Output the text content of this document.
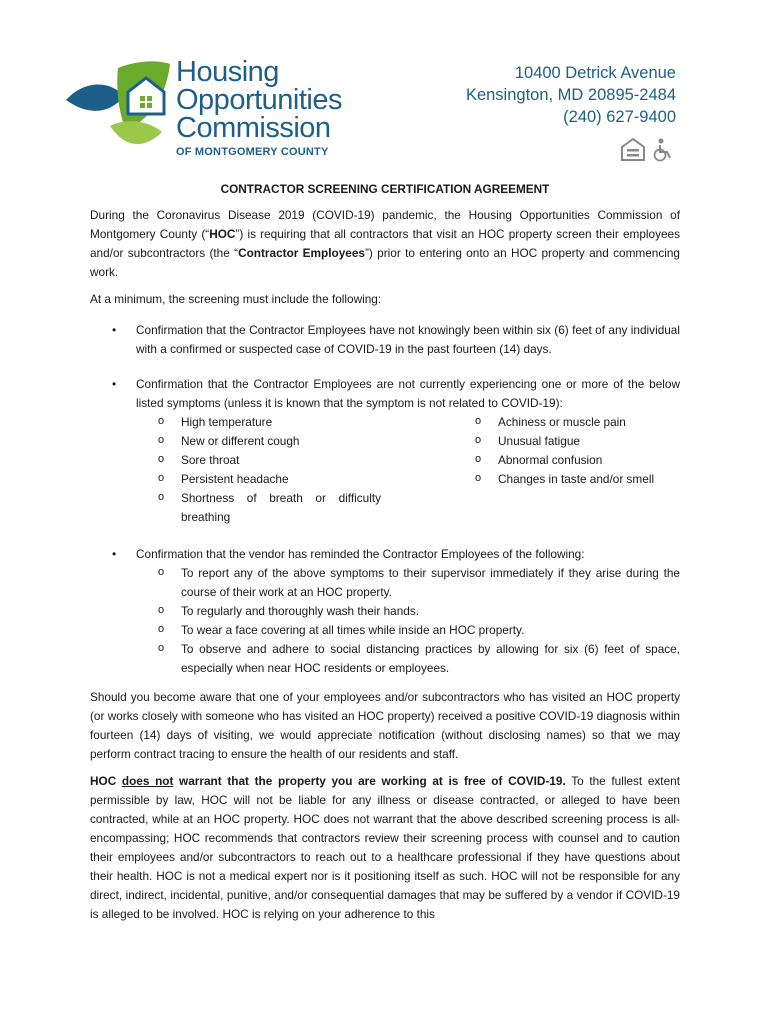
Housing
Opportunities
Commission
OF MONTGOMERY COUNTY
10400 Detrick Avenue
Kensington, MD 20895-2484
(240) 627-9400
CONTRACTOR SCREENING CERTIFICATION AGREEMENT

During the Coronavirus Disease 2019 (COVID-19) pandemic, the Housing Opportunities Commission of Montgomery County (“HOC”) is requiring that all contractors that visit an HOC property screen their employees and/or subcontractors (the “Contractor Employees”) prior to entering onto an HOC property and commencing work.

At a minimum, the screening must include the following:

• Confirmation that the Contractor Employees have not knowingly been within six (6) feet of any individual with a confirmed or suspected case of COVID-19 in the past fourteen (14) days.
• Confirmation that the Contractor Employees are not currently experiencing one or more of the below listed symptoms (unless it is known that the symptom is not related to COVID-19):
o High temperature
o New or different cough
o Sore throat
o Persistent headache
o Shortness of breath or difficulty breathing
o Achiness or muscle pain
o Unusual fatigue
o Abnormal confusion
o Changes in taste and/or smell
• Confirmation that the vendor has reminded the Contractor Employees of the following:
o To report any of the above symptoms to their supervisor immediately if they arise during the course of their work at an HOC property.
o To regularly and thoroughly wash their hands.
o To wear a face covering at all times while inside an HOC property.
o To observe and adhere to social distancing practices by allowing for six (6) feet of space, especially when near HOC residents or employees.

Should you become aware that one of your employees and/or subcontractors who has visited an HOC property (or works closely with someone who has visited an HOC property) received a positive COVID-19 diagnosis within fourteen (14) days of visiting, we would appreciate notification (without disclosing names) so that we may perform contract tracing to ensure the health of our residents and staff.

HOC does not warrant that the property you are working at is free of COVID-19. To the fullest extent permissible by law, HOC will not be liable for any illness or disease contracted, or alleged to have been contracted, while at an HOC property. HOC does not warrant that the above described screening process is all-encompassing; HOC recommends that contractors review their screening process with counsel and to caution their employees and/or subcontractors to reach out to a healthcare professional if they have questions about their health. HOC is not a medical expert nor is it positioning itself as such. HOC will not be responsible for any direct, indirect, incidental, punitive, and/or consequential damages that may be suffered by a vendor if COVID-19 is alleged to be involved. HOC is relying on your adherence to this
